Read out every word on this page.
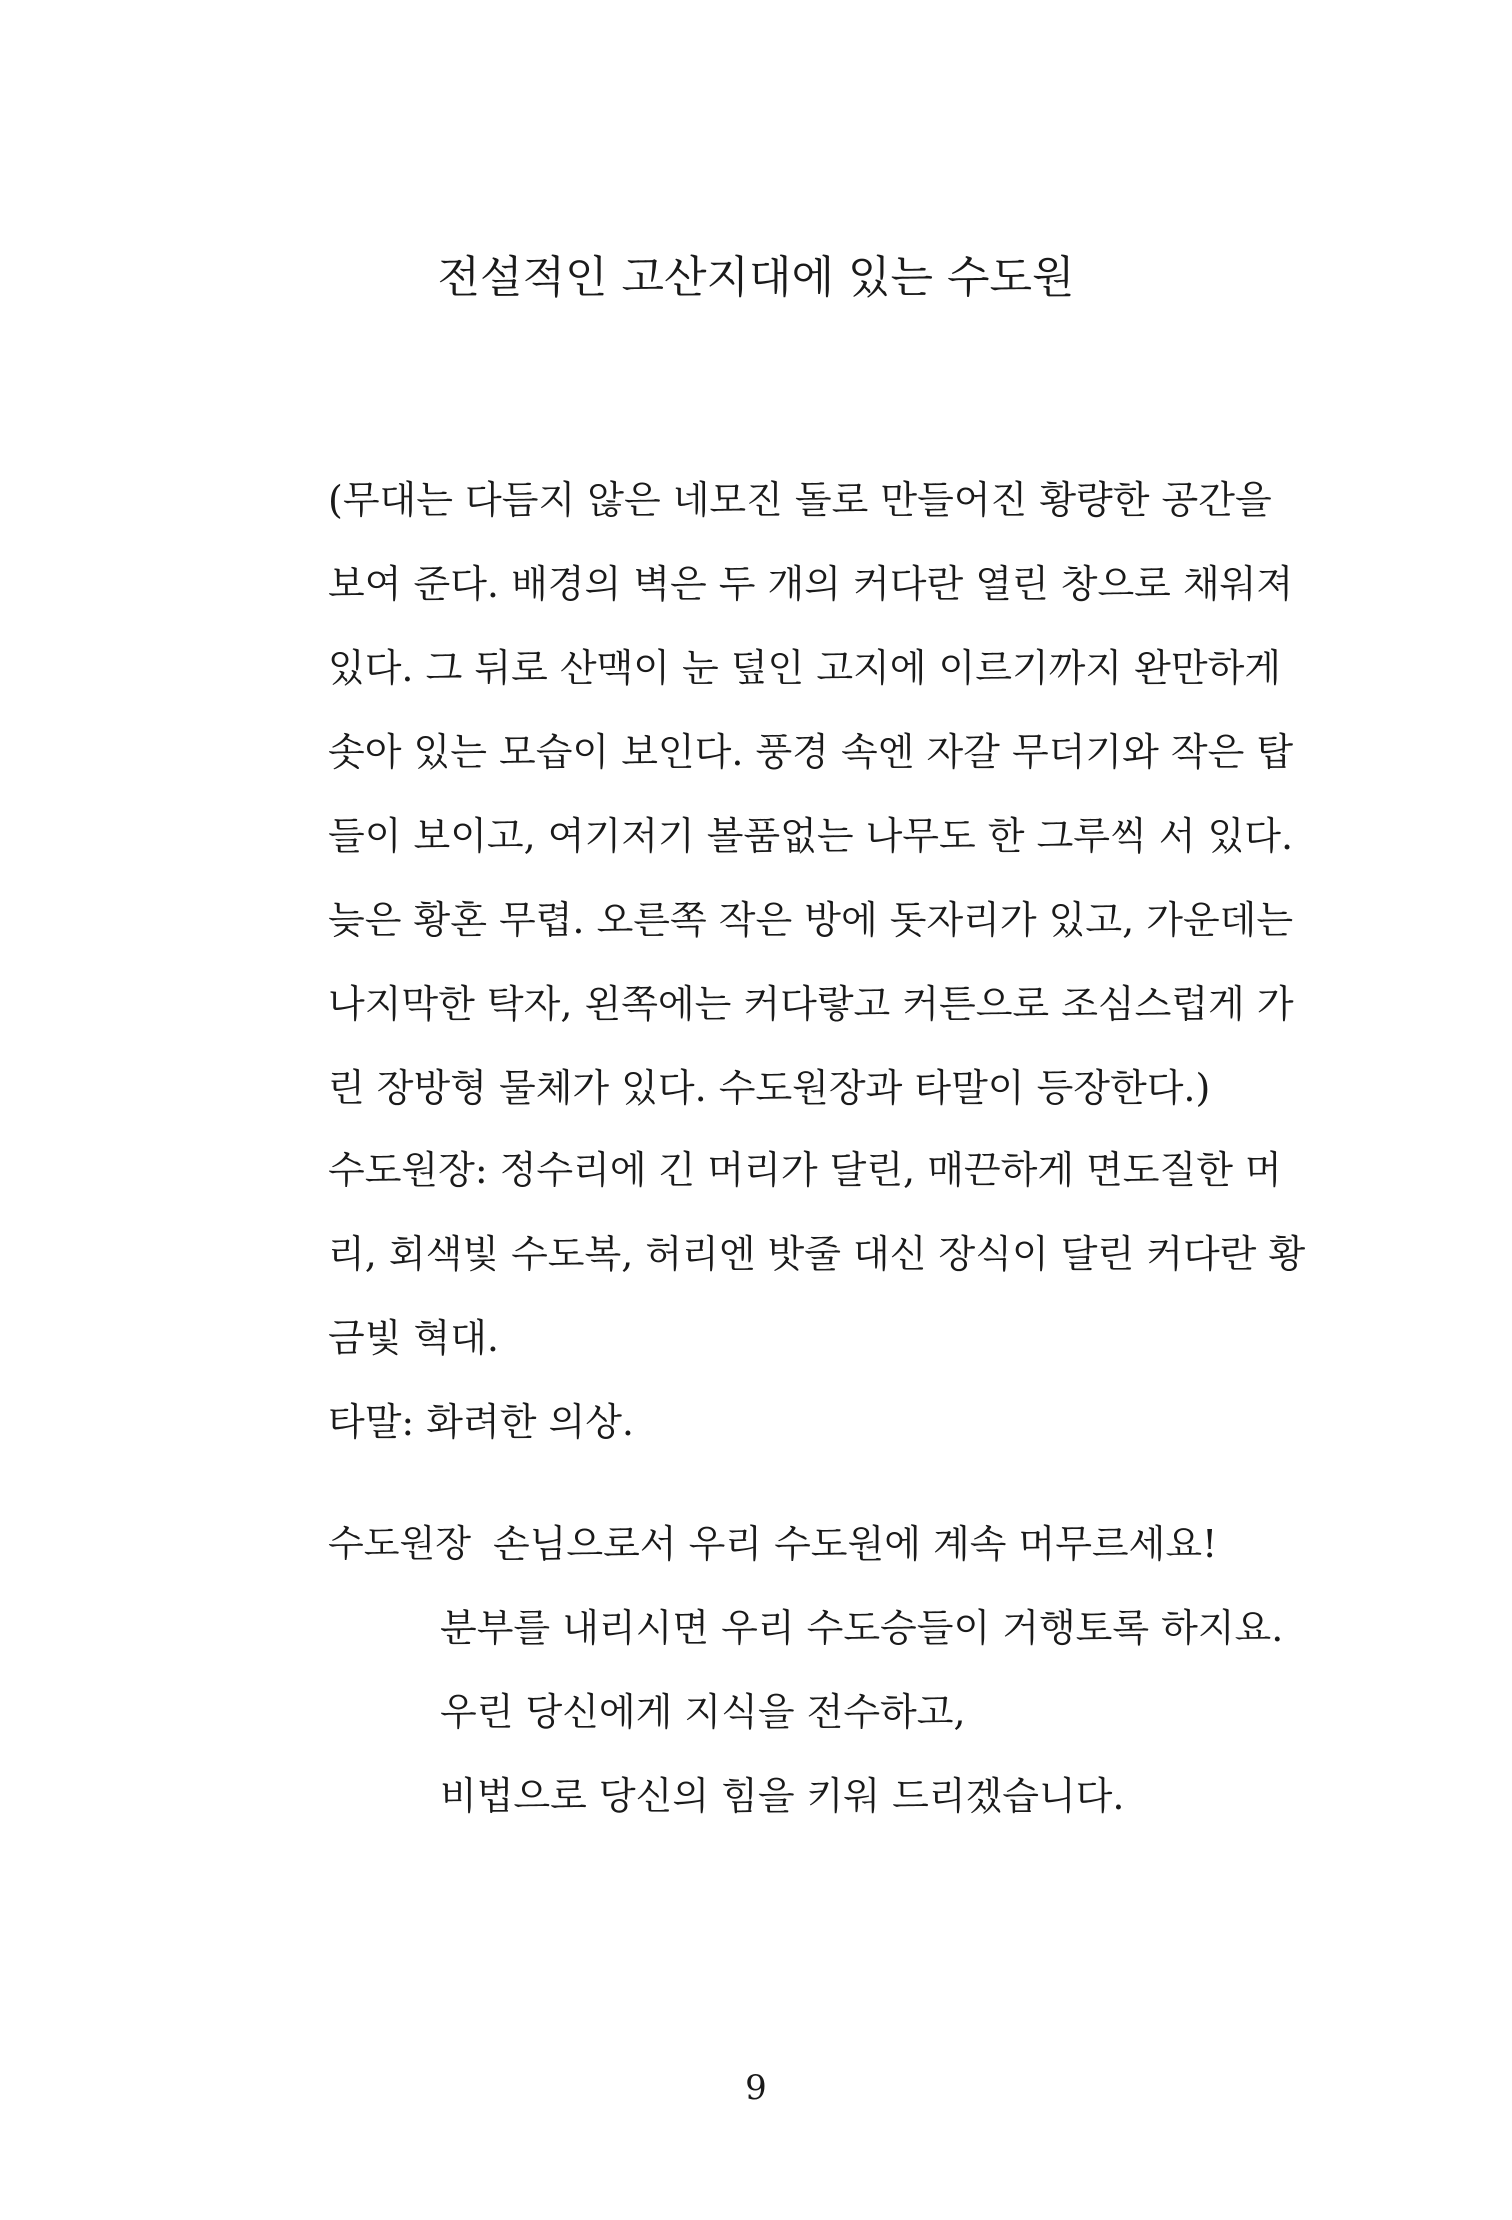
전설적인 고산지대에 있는 수도원
(무대는 다듬지 않은 네모진 돌로 만들어진 황량한 공간을
보여 준다. 배경의 벽은 두 개의 커다란 열린 창으로 채워져
있다. 그 뒤로 산맥이 눈 덮인 고지에 이르기까지 완만하게
솟아 있는 모습이 보인다. 풍경 속엔 자갈 무더기와 작은 탑
들이 보이고, 여기저기 볼품없는 나무도 한 그루씩 서 있다.
늦은 황혼 무렵. 오른쪽 작은 방에 돗자리가 있고, 가운데는
나지막한 탁자, 왼쪽에는 커다랗고 커튼으로 조심스럽게 가
린 장방형 물체가 있다. 수도원장과 타말이 등장한다.)
수도원장: 정수리에 긴 머리가 달린, 매끈하게 면도질한 머
리, 회색빛 수도복, 허리엔 밧줄 대신 장식이 달린 커다란 황
금빛 혁대.
타말: 화려한 의상.
수도원장 손님으로서 우리 수도원에 계속 머무르세요!
분부를 내리시면 우리 수도승들이 거행토록 하지요.
우린 당신에게 지식을 전수하고,
비법으로 당신의 힘을 키워 드리겠습니다.
9
